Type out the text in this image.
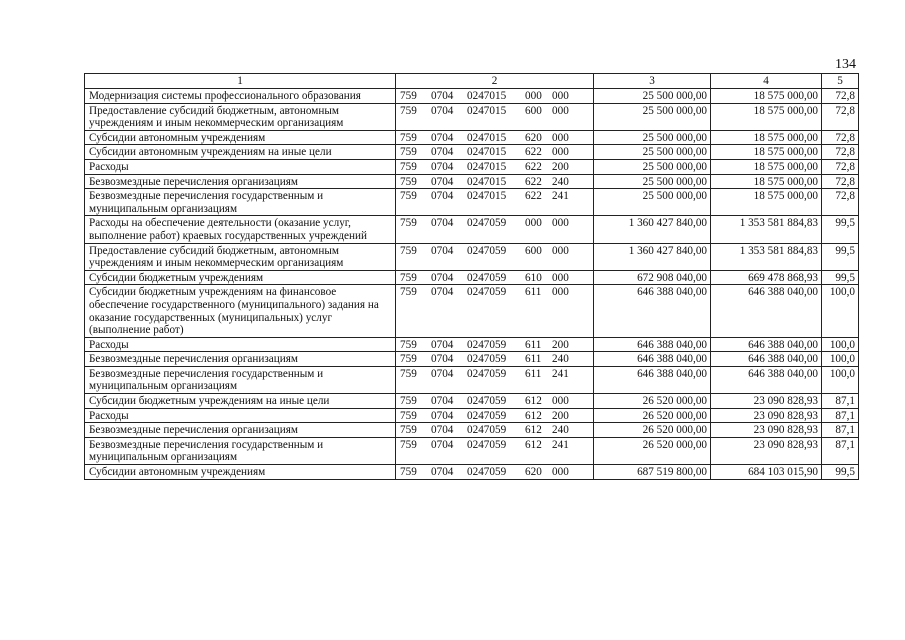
134
1	2	3	4	5
Модернизация системы профессионального образования	759 0704 0247015 000 000	25 500 000,00	18 575 000,00	72,8
Предоставление субсидий бюджетным, автономным учреждениям и иным некоммерческим организациям	759 0704 0247015 600 000	25 500 000,00	18 575 000,00	72,8
Субсидии автономным учреждениям	759 0704 0247015 620 000	25 500 000,00	18 575 000,00	72,8
Субсидии автономным учреждениям на иные цели	759 0704 0247015 622 000	25 500 000,00	18 575 000,00	72,8
Расходы	759 0704 0247015 622 200	25 500 000,00	18 575 000,00	72,8
Безвозмездные перечисления организациям	759 0704 0247015 622 240	25 500 000,00	18 575 000,00	72,8
Безвозмездные перечисления государственным и муниципальным организациям	759 0704 0247015 622 241	25 500 000,00	18 575 000,00	72,8
Расходы на обеспечение деятельности (оказание услуг, выполнение работ) краевых государственных учреждений	759 0704 0247059 000 000	1 360 427 840,00	1 353 581 884,83	99,5
Предоставление субсидий бюджетным, автономным учреждениям и иным некоммерческим организациям	759 0704 0247059 600 000	1 360 427 840,00	1 353 581 884,83	99,5
Субсидии бюджетным учреждениям	759 0704 0247059 610 000	672 908 040,00	669 478 868,93	99,5
Субсидии бюджетным учреждениям на финансовое обеспечение государственного (муниципального) задания на оказание государственных (муниципальных) услуг (выполнение работ)	759 0704 0247059 611 000	646 388 040,00	646 388 040,00	100,0
Расходы	759 0704 0247059 611 200	646 388 040,00	646 388 040,00	100,0
Безвозмездные перечисления организациям	759 0704 0247059 611 240	646 388 040,00	646 388 040,00	100,0
Безвозмездные перечисления государственным и муниципальным организациям	759 0704 0247059 611 241	646 388 040,00	646 388 040,00	100,0
Субсидии бюджетным учреждениям на иные цели	759 0704 0247059 612 000	26 520 000,00	23 090 828,93	87,1
Расходы	759 0704 0247059 612 200	26 520 000,00	23 090 828,93	87,1
Безвозмездные перечисления организациям	759 0704 0247059 612 240	26 520 000,00	23 090 828,93	87,1
Безвозмездные перечисления государственным и муниципальным организациям	759 0704 0247059 612 241	26 520 000,00	23 090 828,93	87,1
Субсидии автономным учреждениям	759 0704 0247059 620 000	687 519 800,00	684 103 015,90	99,5
